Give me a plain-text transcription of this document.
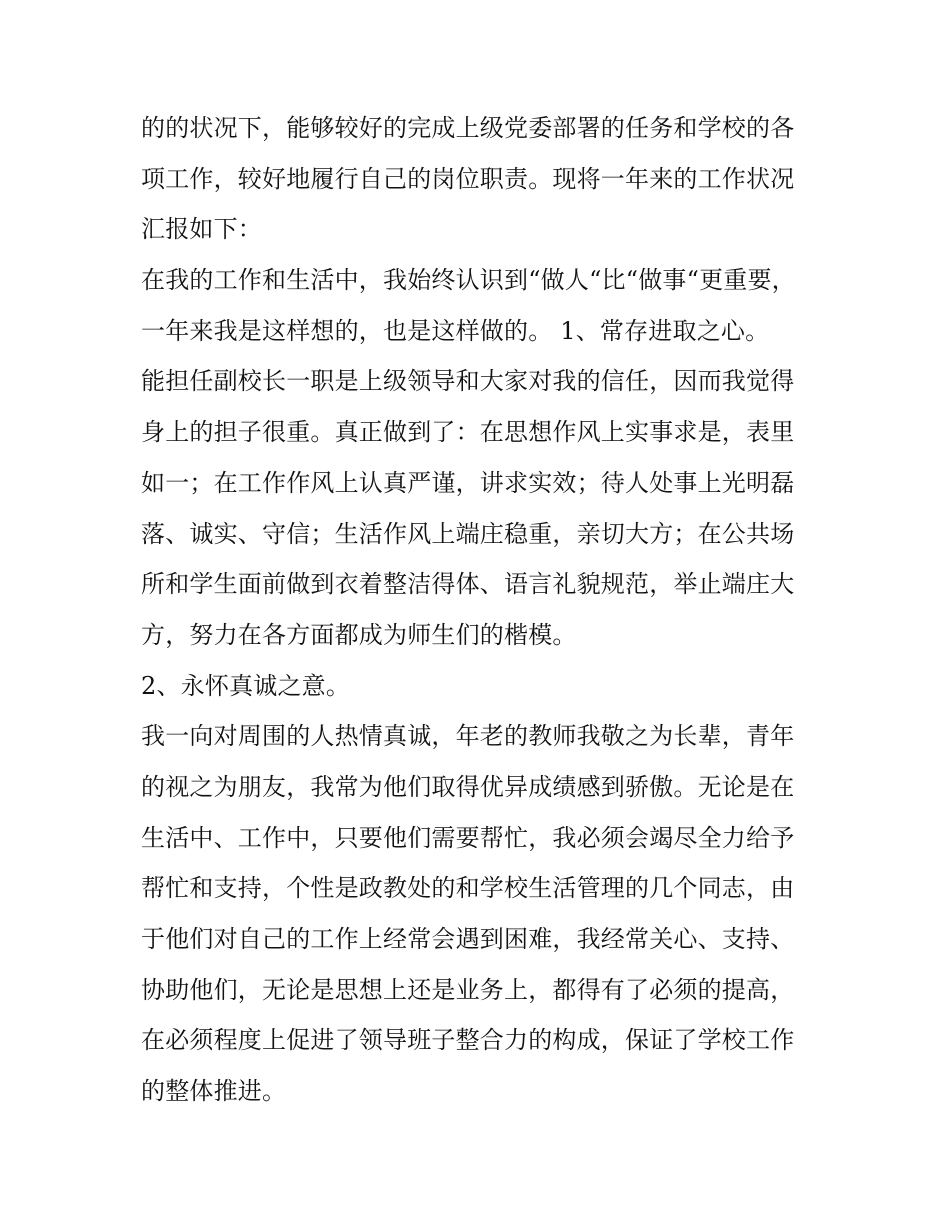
的的状况下，能够较好的完成上级党委部署的任务和学校的各
项工作，较好地履行自己的岗位职责。现将一年来的工作状况
汇报如下：
在我的工作和生活中，我始终认识到“做人“比“做事“更重要，
一年来我是这样想的，也是这样做的。 1、常存进取之心。
能担任副校长一职是上级领导和大家对我的信任，因而我觉得
身上的担子很重。真正做到了：在思想作风上实事求是，表里
如一；在工作作风上认真严谨，讲求实效；待人处事上光明磊
落、诚实、守信；生活作风上端庄稳重，亲切大方；在公共场
所和学生面前做到衣着整洁得体、语言礼貌规范，举止端庄大
方，努力在各方面都成为师生们的楷模。
2、永怀真诚之意。
我一向对周围的人热情真诚，年老的教师我敬之为长辈，青年
的视之为朋友，我常为他们取得优异成绩感到骄傲。无论是在
生活中、工作中，只要他们需要帮忙，我必须会竭尽全力给予
帮忙和支持，个性是政教处的和学校生活管理的几个同志，由
于他们对自己的工作上经常会遇到困难，我经常关心、支持、
协助他们，无论是思想上还是业务上，都得有了必须的提高，
在必须程度上促进了领导班子整合力的构成，保证了学校工作
的整体推进。
